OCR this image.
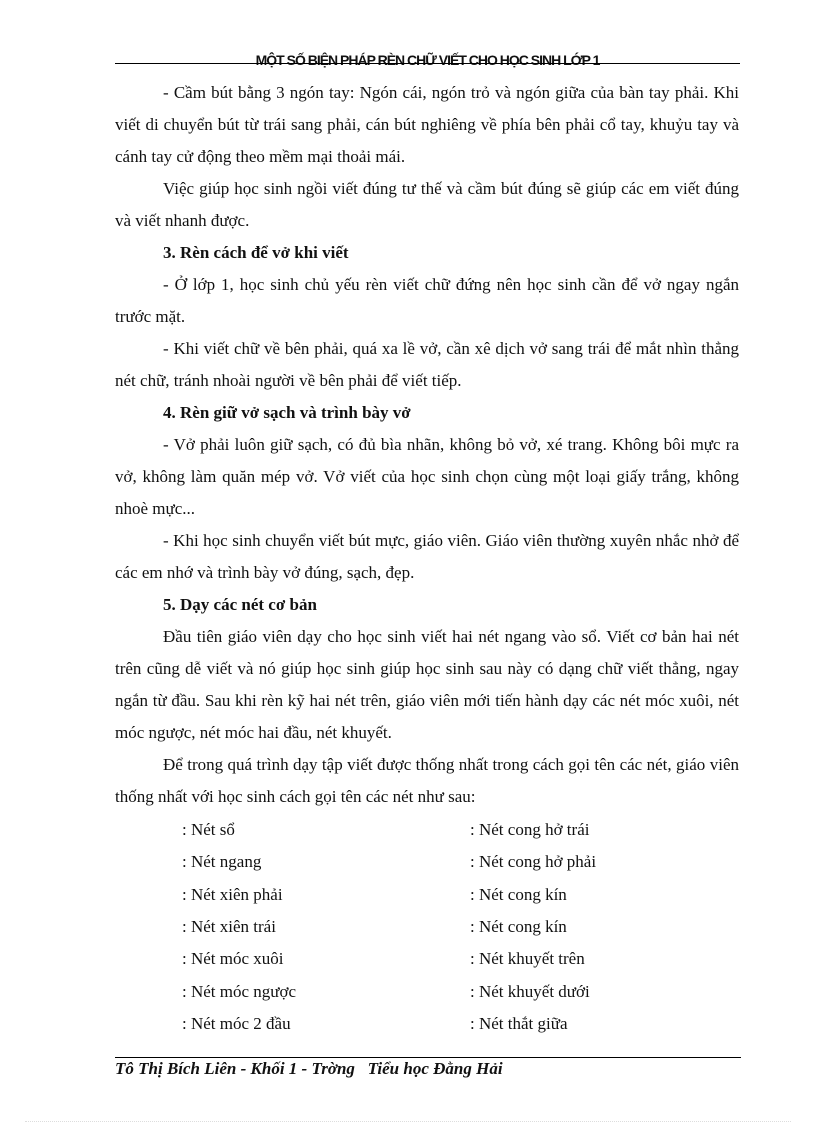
MỘT SỐ BIỆN PHÁP RÈN CHỮ VIẾT CHO HỌC SINH LỚP 1

- Cầm bút bằng 3 ngón tay: Ngón cái, ngón trỏ và ngón giữa của bàn tay phải. Khi viết di chuyển bút từ trái sang phải, cán bút nghiêng về phía bên phải cổ tay, khuỷu tay và cánh tay cử động theo mềm mại thoải mái.

Việc giúp học sinh ngồi viết đúng tư thế và cầm bút đúng sẽ giúp các em viết đúng và viết nhanh được.

3. Rèn cách để vở khi viết

- Ở lớp 1, học sinh chủ yếu rèn viết chữ đứng nên học sinh cần để vở ngay ngắn trước mặt.

- Khi viết chữ về bên phải, quá xa lề vở, cần xê dịch vở sang trái để mắt nhìn thẳng nét chữ, tránh nhoài người về bên phải để viết tiếp.

4. Rèn giữ vở sạch và trình bày vở

- Vở phải luôn giữ sạch, có đủ bìa nhãn, không bỏ vở, xé trang. Không bôi mực ra vở, không làm quăn mép vở. Vở viết của học sinh chọn cùng một loại giấy trắng, không nhoè mực...

- Khi học sinh chuyển viết bút mực, giáo viên. Giáo viên thường xuyên nhắc nhở để các em nhớ và trình bày vở đúng, sạch, đẹp.

5. Dạy các nét cơ bản

Đầu tiên giáo viên dạy cho học sinh viết hai nét ngang vào sổ. Viết cơ bản hai nét trên cũng dễ viết và nó giúp học sinh giúp học sinh sau này có dạng chữ viết thẳng, ngay ngắn từ đầu. Sau khi rèn kỹ hai nét trên, giáo viên mới tiến hành dạy các nét móc xuôi, nét móc ngược, nét móc hai đầu, nét khuyết.

Để trong quá trình dạy tập viết được thống nhất trong cách gọi tên các nét, giáo viên thống nhất với học sinh cách gọi tên các nét như sau:

: Nét sổ	: Nét cong hở trái
: Nét ngang	: Nét cong hở phải
: Nét xiên phải	: Nét cong kín
: Nét xiên trái	: Nét cong kín
: Nét móc xuôi	: Nét khuyết trên
: Nét móc ngược	: Nét khuyết dưới
: Nét móc 2 đầu	: Nét thắt giữa
Tô Thị Bích Liên - Khối 1 - Trờng   Tiểu học Đằng Hải
